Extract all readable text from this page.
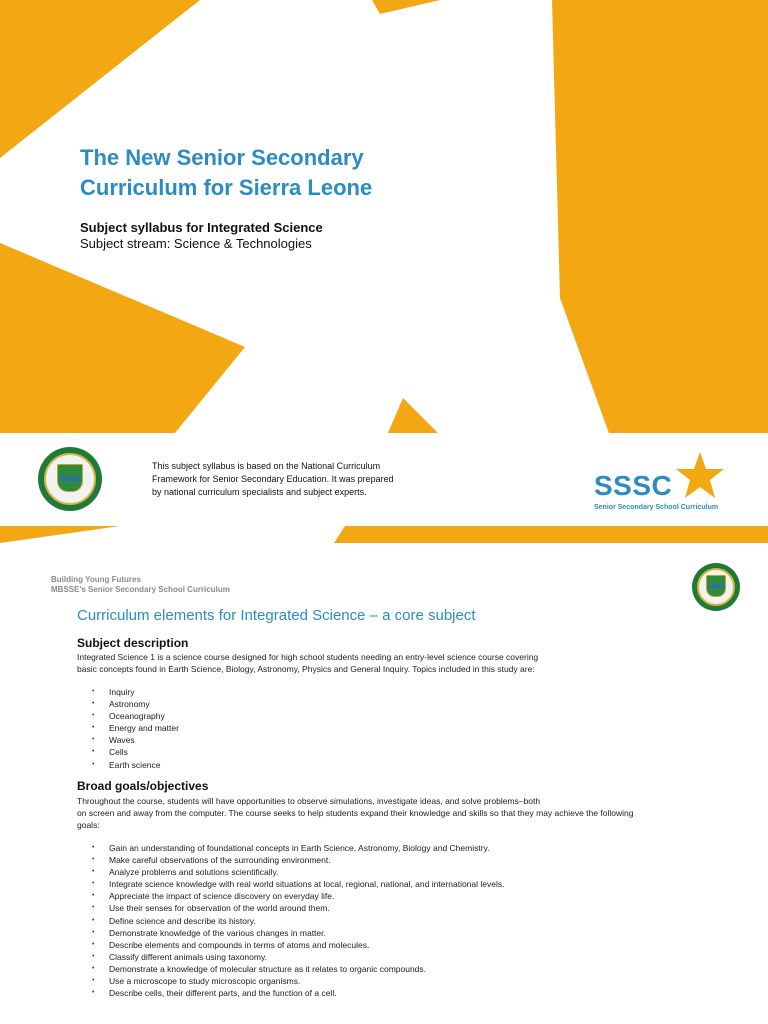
The New Senior Secondary
Curriculum for Sierra Leone
Subject syllabus for Integrated Science
Subject stream: Science & Technologies
This subject syllabus is based on the National Curriculum
Framework for Senior Secondary Education. It was prepared
by national curriculum specialists and subject experts.	SSSC
Senior Secondary School Curriculum
Building Young Futures
MBSSE's Senior Secondary School Curriculum
Curriculum elements for Integrated Science – a core subject
Subject description

Integrated Science 1 is a science course designed for high school students needing an entry-level science course covering
basic concepts found in Earth Science, Biology, Astronomy, Physics and General Inquiry. Topics included in this study are:

• Inquiry
• Astronomy
• Oceanography
• Energy and matter
• Waves
• Cells
• Earth science
Broad goals/objectives

Throughout the course, students will have opportunities to observe simulations, investigate ideas, and solve problems–both
on screen and away from the computer. The course seeks to help students expand their knowledge and skills so that they may achieve the following
goals:

• Gain an understanding of foundational concepts in Earth Science, Astronomy, Biology and Chemistry.
• Make careful observations of the surrounding environment.
• Analyze problems and solutions scientifically.
• Integrate science knowledge with real world situations at local, regional, national, and international levels.
• Appreciate the impact of science discovery on everyday life.
• Use their senses for observation of the world around them.
• Define science and describe its history.
• Demonstrate knowledge of the various changes in matter.
• Describe elements and compounds in terms of atoms and molecules.
• Classify different animals using taxonomy.
• Demonstrate a knowledge of molecular structure as it relates to organic compounds.
• Use a microscope to study microscopic organisms.
• Describe cells, their different parts, and the function of a cell.
